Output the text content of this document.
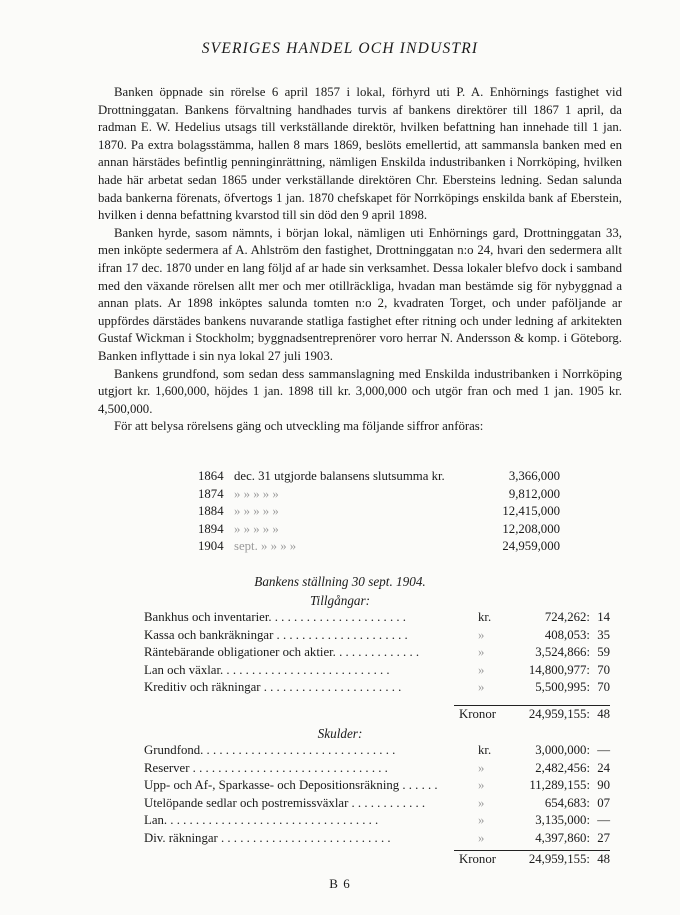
SVERIGES HANDEL OCH INDUSTRI

Banken öppnade sin rörelse 6 april 1857 i lokal, förhyrd uti P. A. Enhörnings fastighet vid Drottninggatan. Bankens förvaltning handhades turvis af bankens direktörer till 1867 1 april, da radman E. W. Hedelius utsags till verkställande direktör, hvilken befattning han innehade till 1 jan. 1870. Pa extra bolagsstämma, hallen 8 mars 1869, beslöts emellertid, att sammansla banken med en annan härstädes befintlig penninginrättning, nämligen Enskilda industribanken i Norrköping, hvilken hade här arbetat sedan 1865 under verkställande direktören Chr. Ebersteins ledning. Sedan salunda bada bankerna förenats, öfvertogs 1 jan. 1870 chefskapet för Norrköpings enskilda bank af Eberstein, hvilken i denna befattning kvarstod till sin död den 9 april 1898.

Banken hyrde, sasom nämnts, i början lokal, nämligen uti Enhörnings gard, Drottninggatan 33, men inköpte sedermera af A. Ahlström den fastighet, Drottninggatan n:o 24, hvari den sedermera allt ifran 17 dec. 1870 under en lang följd af ar hade sin verksamhet. Dessa lokaler blefvo dock i samband med den växande rörelsen allt mer och mer otillräckliga, hvadan man bestämde sig för nybyggnad a annan plats. Ar 1898 inköptes salunda tomten n:o 2, kvadraten Torget, och under paföljande ar uppfördes därstädes bankens nuvarande statliga fastighet efter ritning och under ledning af arkitekten Gustaf Wickman i Stockholm; byggnadsentreprenörer voro herrar N. Andersson & komp. i Göteborg. Banken inflyttade i sin nya lokal 27 juli 1903.

Bankens grundfond, som sedan dess sammanslagning med Enskilda industribanken i Norrköping utgjort kr. 1,600,000, höjdes 1 jan. 1898 till kr. 3,000,000 och utgör fran och med 1 jan. 1905 kr. 4,500,000.

För att belysa rörelsens gäng och utveckling ma följande siffror anföras:

1864 dec. 31 utgjorde balansens slutsumma kr.	3,366,000
1874 » » » » »	9,812,000
1884 » » » » »	12,415,000
1894 » » » » »	12,208,000
1904 sept. » » » »	24,959,000
Bankens ställning 30 sept. 1904.
Tillgångar:
Bankhus och inventarier. . . . . . . . . . . . . . . . . . . . . .	kr.	724,262: 14
Kassa och bankräkningar . . . . . . . . . . . . . . . . . . . . .	»	408,053: 35
Räntebärande obligationer och aktier. . . . . . . . . . . . . .	»	3,524,866: 59
Lan och växlar. . . . . . . . . . . . . . . . . . . . . . . . . . .	»	14,800,977: 70
Kreditiv och räkningar . . . . . . . . . . . . . . . . . . . . . .	»	5,500,995: 70
Kronor	24,959,155: 48
Skulder:
Grundfond. . . . . . . . . . . . . . . . . . . . . . . . . . . . . . .	kr.	3,000,000: —
Reserver . . . . . . . . . . . . . . . . . . . . . . . . . . . . . . .	»	2,482,456: 24
Upp- och Af-, Sparkasse- och Depositionsräkning . . . . . .	»	11,289,155: 90
Utelöpande sedlar och postremissväxlar . . . . . . . . . . . .	»	654,683: 07
Lan. . . . . . . . . . . . . . . . . . . . . . . . . . . . . . . . . .	»	3,135,000: —
Div. räkningar . . . . . . . . . . . . . . . . . . . . . . . . . . .	»	4,397,860: 27
Kronor	24,959,155: 48
B 6
